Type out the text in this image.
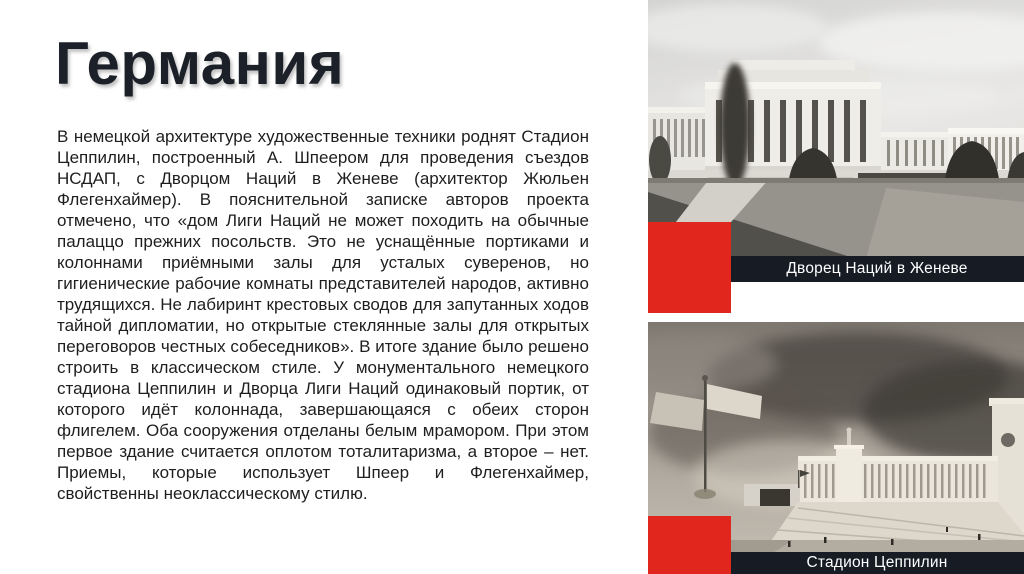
Германия

В немецкой архитектуре художественные техники роднят Стадион Цеппилин, построенный А. Шпеером для проведения съездов НСДАП, с Дворцом Наций в Женеве (архитектор Жюльен Флегенхаймер). В пояснительной записке авторов проекта отмечено, что «дом Лиги Наций не может походить на обычные палаццо прежних посольств. Это не уснащённые портиками и колоннами приёмными залы для усталых суверенов, но гигиенические рабочие комнаты представителей народов, активно трудящихся. Не лабиринт крестовых сводов для запутанных ходов тайной дипломатии, но открытые стеклянные залы для открытых переговоров честных собеседников». В итоге здание было решено строить в классическом стиле. У монументального немецкого стадиона Цеппилин и Дворца Лиги Наций одинаковый портик, от которого идёт колоннада, завершающаяся с обеих сторон флигелем. Оба сооружения отделаны белым мрамором. При этом первое здание считается оплотом тоталитаризма, а второе – нет. Приемы, которые использует Шпеер и Флегенхаймер, свойственны неоклассическому стилю.

Дворец Наций в Женеве
Стадион Цеппилин
